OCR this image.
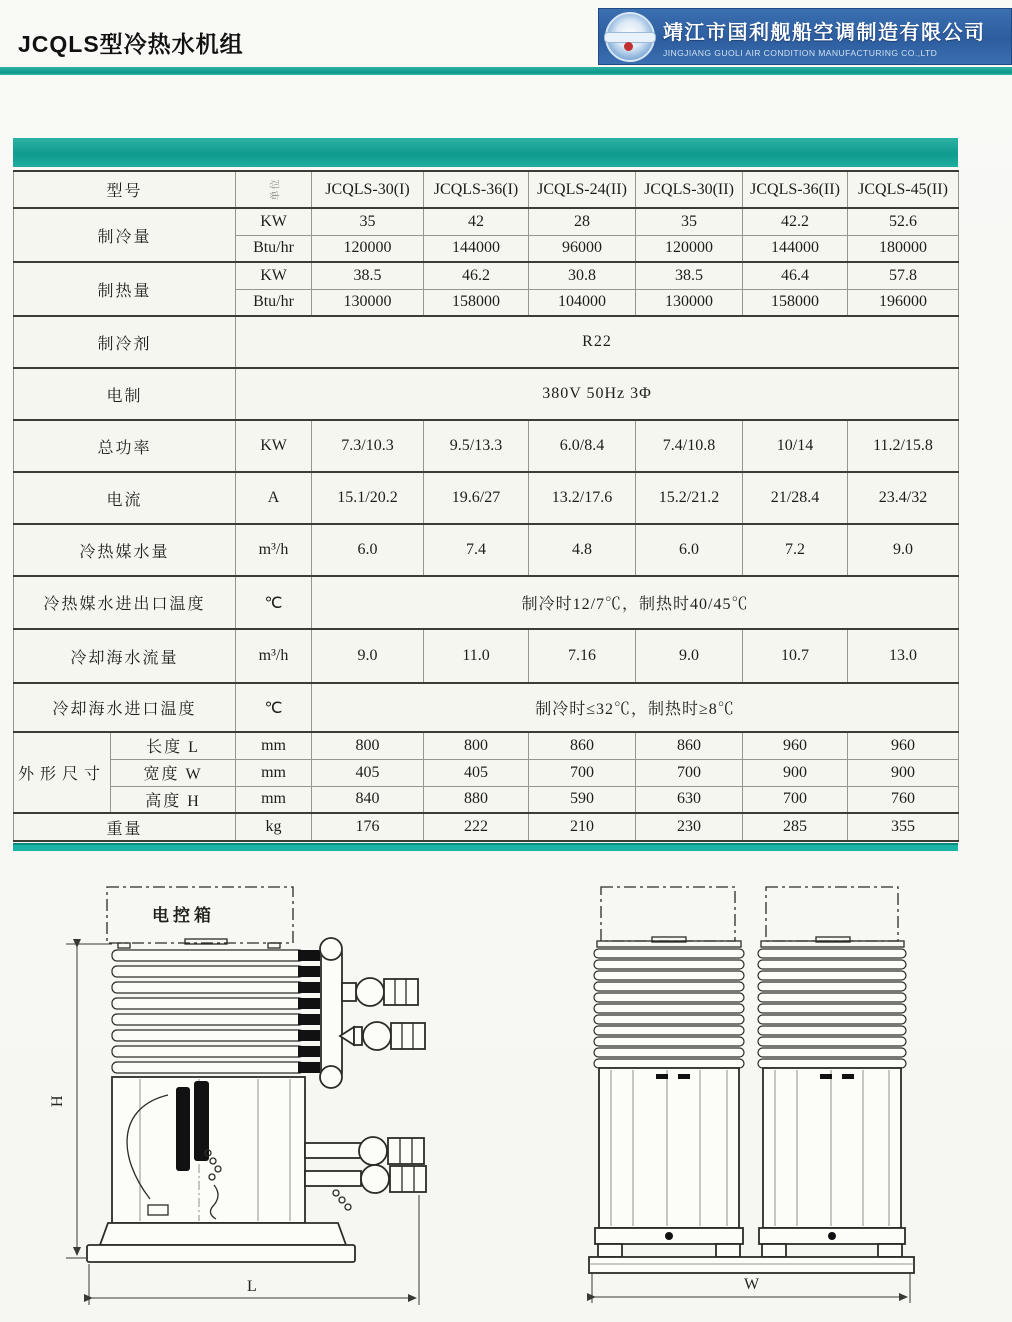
JCQLS型冷热水机组	靖江市国利舰船空调制造有限公司
JINGJIANG GUOLI AIR CONDITION MANUFACTURING CO.,LTD
型号		单位	JCQLS-30(I)	JCQLS-36(I)	JCQLS-24(II)	JCQLS-30(II)	JCQLS-36(II)	JCQLS-45(II)
制冷量		KW	35	42	28	35	42.2	52.6
		Btu/hr	120000	144000	96000	120000	144000	180000
制热量		KW	38.5	46.2	30.8	38.5	46.4	57.8
		Btu/hr	130000	158000	104000	130000	158000	196000
制冷剂		R22						
电制		380V 50Hz 3Φ						
总功率		KW	7.3/10.3	9.5/13.3	6.0/8.4	7.4/10.8	10/14	11.2/15.8
电流		A	15.1/20.2	19.6/27	13.2/17.6	15.2/21.2	21/28.4	23.4/32
冷热媒水量		m³/h	6.0	7.4	4.8	6.0	7.2	9.0
冷热媒水进出口温度		℃	制冷时12/7℃，制热时40/45℃					
冷却海水流量		m³/h	9.0	11.0	7.16	9.0	10.7	13.0
冷却海水进口温度		℃	制冷时≤32℃，制热时≥8℃					
外形尺寸	长度 L	mm	800	800	860	860	960	960
	宽度 W	mm	405	405	700	700	900	900
	高度 H	mm	840	880	590	630	700	760
重量		kg	176	222	210	230	285	355
电控箱
H
L	W
